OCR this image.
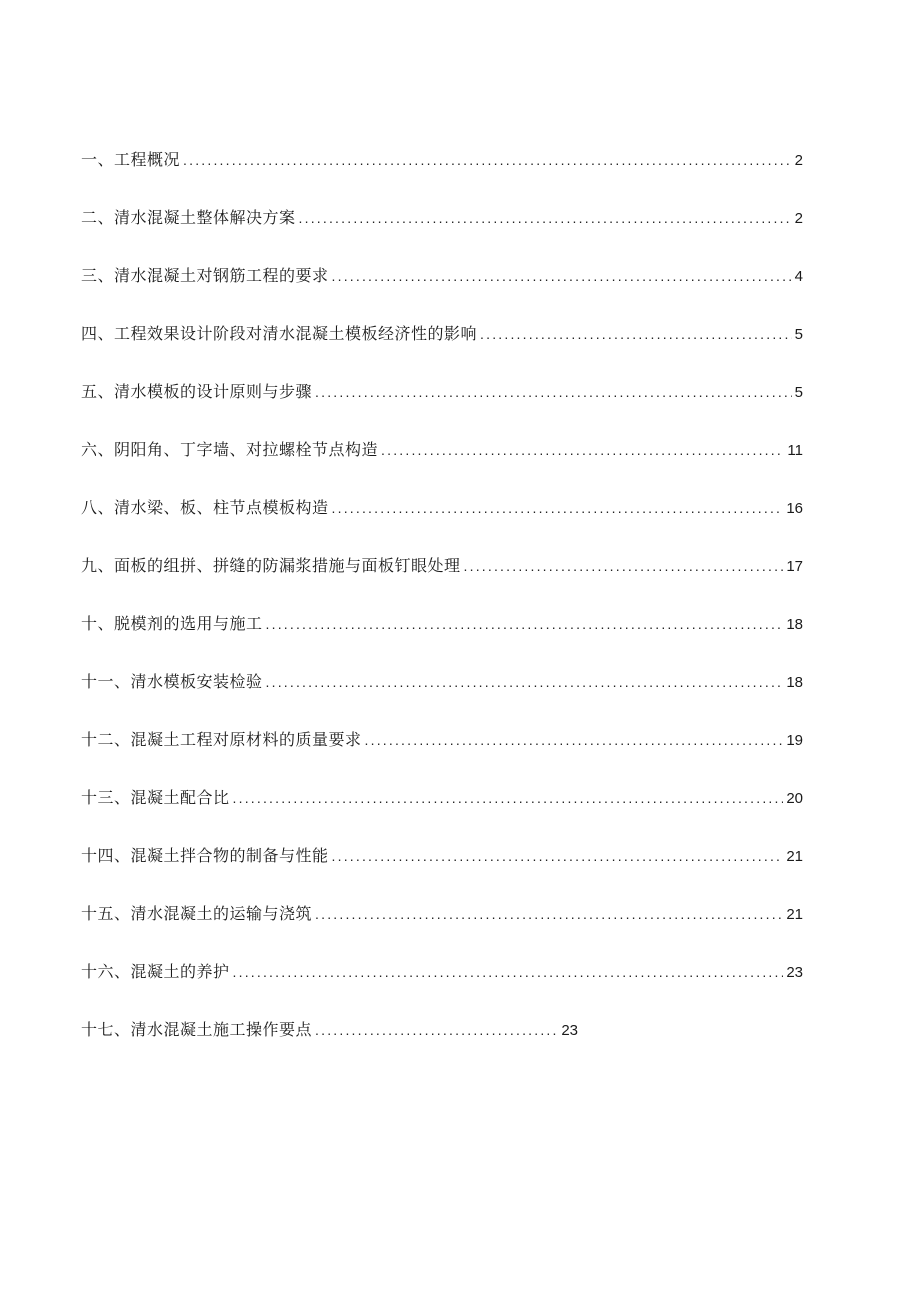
一、工程概况 .....	2
二、清水混凝土整体解决方案 .....	2
三、清水混凝土对钢筋工程的要求 .....	4
四、工程效果设计阶段对清水混凝土模板经济性的影响 .....	5
五、清水模板的设计原则与步骤 .....	5
六、阴阳角、丁字墙、对拉螺栓节点构造 .....	11
八、清水梁、板、柱节点模板构造 .....	16
九、面板的组拼、拼缝的防漏浆措施与面板钉眼处理 .....	17
十、脱模剂的选用与施工 .....	18
十一、清水模板安装检验 .....	18
十二、混凝土工程对原材料的质量要求 .....	19
十三、混凝土配合比 .....	20
十四、混凝土拌合物的制备与性能 .....	21
十五、清水混凝土的运输与浇筑 .....	21
十六、混凝土的养护 .....	23
十七、清水混凝土施工操作要点 .....	23
